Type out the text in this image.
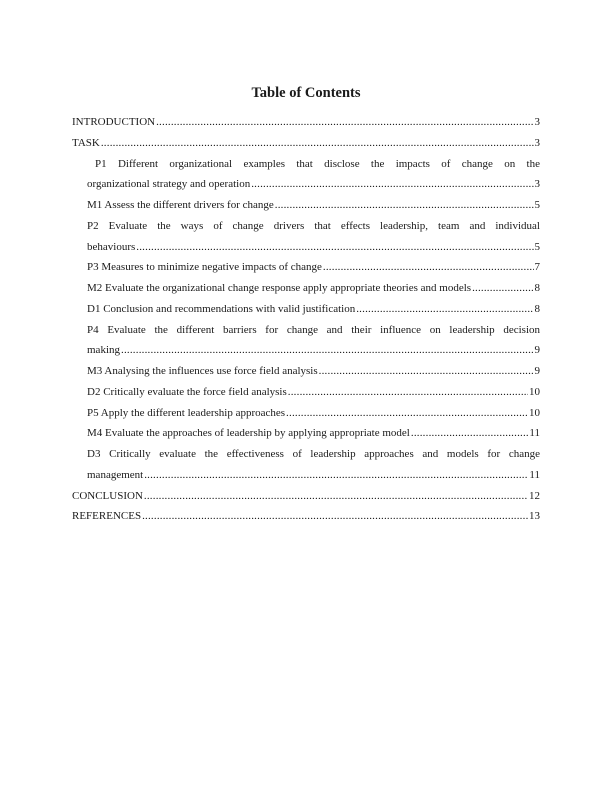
Table of Contents
INTRODUCTION .....	3
TASK .....	3
P1 Different organizational examples that disclose the impacts of change on the
organizational strategy and operation .....	3
M1 Assess the different drivers for change .....	5
P2 Evaluate the ways of change drivers that effects leadership, team and individual
behaviours .....	5
P3 Measures to minimize negative impacts of change .....	7
M2 Evaluate the organizational change response apply appropriate theories and models .....	8
D1 Conclusion and recommendations with valid justification .....	8
P4 Evaluate the different barriers for change and their influence on leadership decision
making .....	9
M3 Analysing the influences use force field analysis .....	9
D2 Critically evaluate the force field analysis .....	10
P5 Apply the different leadership approaches .....	10
M4 Evaluate the approaches of leadership by applying appropriate model .....	11
D3 Critically evaluate the effectiveness of leadership approaches and models for change
management .....	11
CONCLUSION .....	12
REFERENCES .....	13
